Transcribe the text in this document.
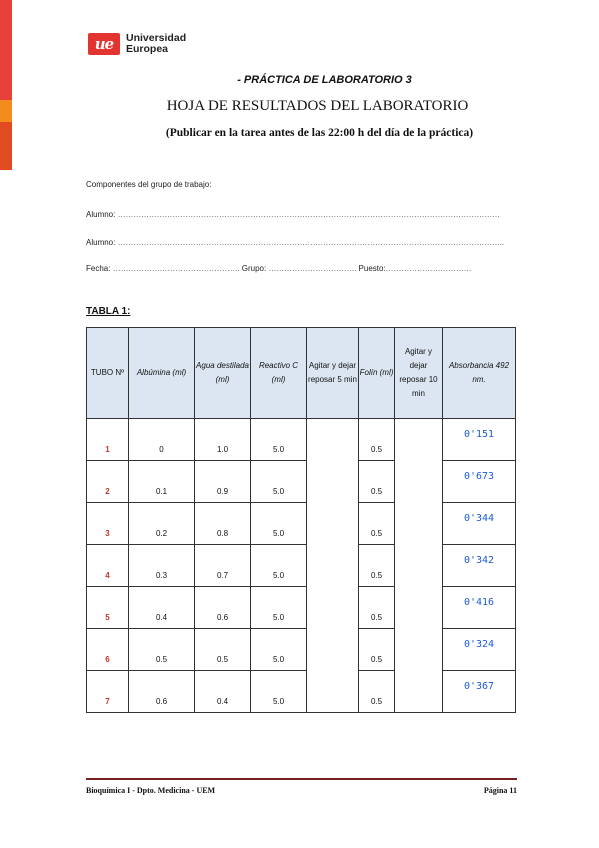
ue	Universidad
Europea
- PRÁCTICA DE LABORATORIO 3
HOJA DE RESULTADOS DEL LABORATORIO
(Publicar en la tarea antes de las 22:00 h del día de la práctica)
Componentes del grupo de trabajo:
Alumno: …………………………………………………………………………………………………………………………………
Alumno: …………………………………………………………………………………………………………………………………..
Fecha: …………………………………………. Grupo: ……………………………. Puesto:……………………………
TABLA 1:
TUBO Nº	Albúmina (ml)	Agua destilada (ml)	Reactivo C (ml)	Agitar y dejar reposar 5 min	Folín (ml)	Agitar y dejar reposar 10 min	Absorbancia 492 nm.
1	0	1.0	5.0		0.5		0'151
2	0.1	0.9	5.0		0.5		0'673
3	0.2	0.8	5.0		0.5		0'344
4	0.3	0.7	5.0		0.5		0'342
5	0.4	0.6	5.0		0.5		0'416
6	0.5	0.5	5.0		0.5		0'324
7	0.6	0.4	5.0		0.5		0'367
Bioquímica I - Dpto. Medicina - UEM	Página 11
